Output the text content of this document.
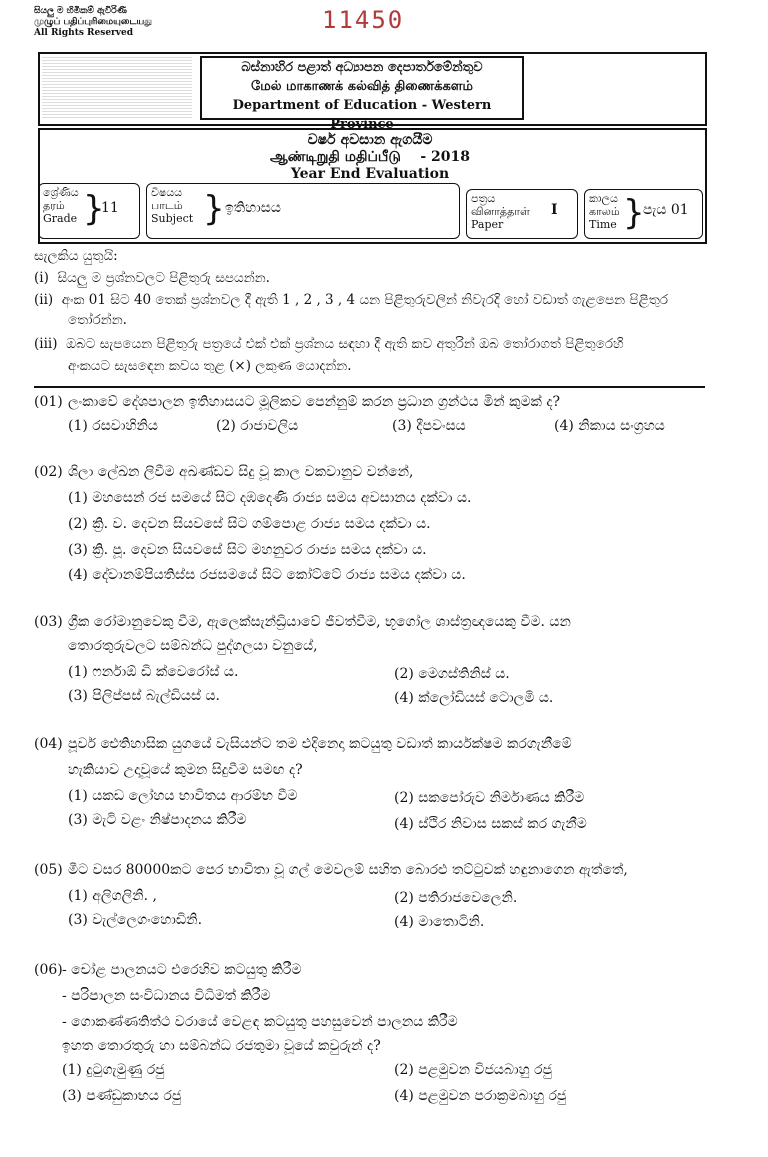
සියලු ම හිමිකම් ඇවිරිණි
முழுப் பதிப்புரிமையுடையது
All Rights Reserved	11450
බස්නාහිර පළාත් අධ්‍යාපන දෙපාර්තමේන්තුව
மேல் மாகாணக் கல்வித் திணைக்களம்
Department of Education - Western Province
වර්ෂ අවසාන ඇගයීම
ஆண்டிறுதி மதிப்பீடு - 2018
Year End Evaluation
ශ්‍රේණිය
தரம்
Grade }
11
විෂයය
பாடம்
Subject } ඉතිහාසය
පත්‍රය
வினாத்தாள்
Paper
I
කාලය
காலம்
Time }
පැය 01
සැලකිය යුතුයි:
(i) සියලු ම ප්‍රශ්නවලට පිළිතුරු සපයන්න.
(ii) අංක 01 සිට 40 තෙක් ප්‍රශ්නවල දී ඇති 1 , 2 , 3 , 4 යන පිළිතුරුවලින් නිවැරදි හෝ වඩාත් ගැළපෙන පිළිතුර
තෝරන්න.
(iii) ඔබට සැපයෙන පිළිතුරු පත්‍රයේ එක් එක් ප්‍රශ්නය සඳහා දී ඇති කව අතුරින් ඔබ තෝරාගත් පිළිතුරෙහි
අංකයට සැසඳෙන කවය තුළ (×) ලකුණ යොදන්න.
(01) ලංකාවේ දේශපාලන ඉතිහාසයට මූලිකව පෙන්නුම් කරන ප්‍රධාන ග්‍රන්ථය මින් කුමක් ද?
(1) රසවාහිනිය	(2) රාජාවලිය	(3) දීපවංසය	(4) නිකාය සංග්‍රහය
(02) ශිලා ලේඛන ලිවීම අඛණ්ඩව සිදු වූ කාල වකවානුව වන්නේ,
(1) මහසෙන් රජ සමයේ සිට දඹදෙණි රාජ්‍ය සමය අවසානය දක්වා ය.
(2) ක්‍රි. ව. දෙවන සියවසේ සිට ගම්පොළ රාජ්‍ය සමය දක්වා ය.
(3) ක්‍රි. පූ. දෙවන සියවසේ සිට මහනුවර රාජ්‍ය සමය දක්වා ය.
(4) දේවානම්පියතිස්ස රජසමයේ සිට කෝට්ටේ රාජ්‍ය සමය දක්වා ය.
(03) ග්‍රීක රෝමානුවෙකු වීම, ඇලෙක්සැන්ඩ්‍රියාවේ ජීවත්වීම, භූගෝල ශාස්ත්‍රඥයෙකු වීම. යන
තොරතුරුවලට සම්බන්ධ පුද්ගලයා වනුයේ,
(1) ෆර්නාඕ ඩි ක්වෙරෝස් ය.	(2) මෙගස්තිනිස් ය.
(3) පිලිප්පස් බැල්ඩියස් ය.	(4) ක්ලෝඩියස් ටොලමි ය.
(04) පූර්ව ඓතිහාසික යුගයේ වැසියන්ට තම එදිනෙදා කටයුතු වඩාත් කාර්යක්ෂම කරගැනීමේ
හැකියාව උදාවූයේ කුමන සිදුවීම සමඟ ද?
(1) යකඩ ලෝහය භාවිතය ආරම්භ වීම	(2) සකපෝරුව නිර්මාණය කිරීම
(3) මැටි වළං නිෂ්පාදනය කිරීම	(4) ස්ථිර නිවාස සකස් කර ගැනීම
(05) මීට වසර 80000කට පෙර භාවිතා වූ ගල් මෙවලම් සහිත බොරළු තට්ටුවක් හඳුනාගෙන ඇත්තේ,
(1) අලිගලිනි. ,	(2) පතිරාජවෙලෙනි.
(3) වැල්ලෙගංහොඩිනි.	(4) මාතොටිනි.
(06) - චෝළ පාලනයට එරෙහිව කටයුතු කිරීම
- පරිපාලන සංවිධානය විධිමත් කිරීම
- ගොකණ්ණතිත්ථ වරායේ වෙළඳ කටයුතු පහසුවෙන් පාලනය කිරීම
ඉහත තොරතුරු හා සම්බන්ධ රජතුමා වූයේ කවුරුන් ද?
(1) දුටුගැමුණු රජු	(2) පළමුවන විජයබාහු රජු
(3) පණ්ඩුකාභය රජු	(4) පළමුවන පරාක්‍රමබාහු රජු
